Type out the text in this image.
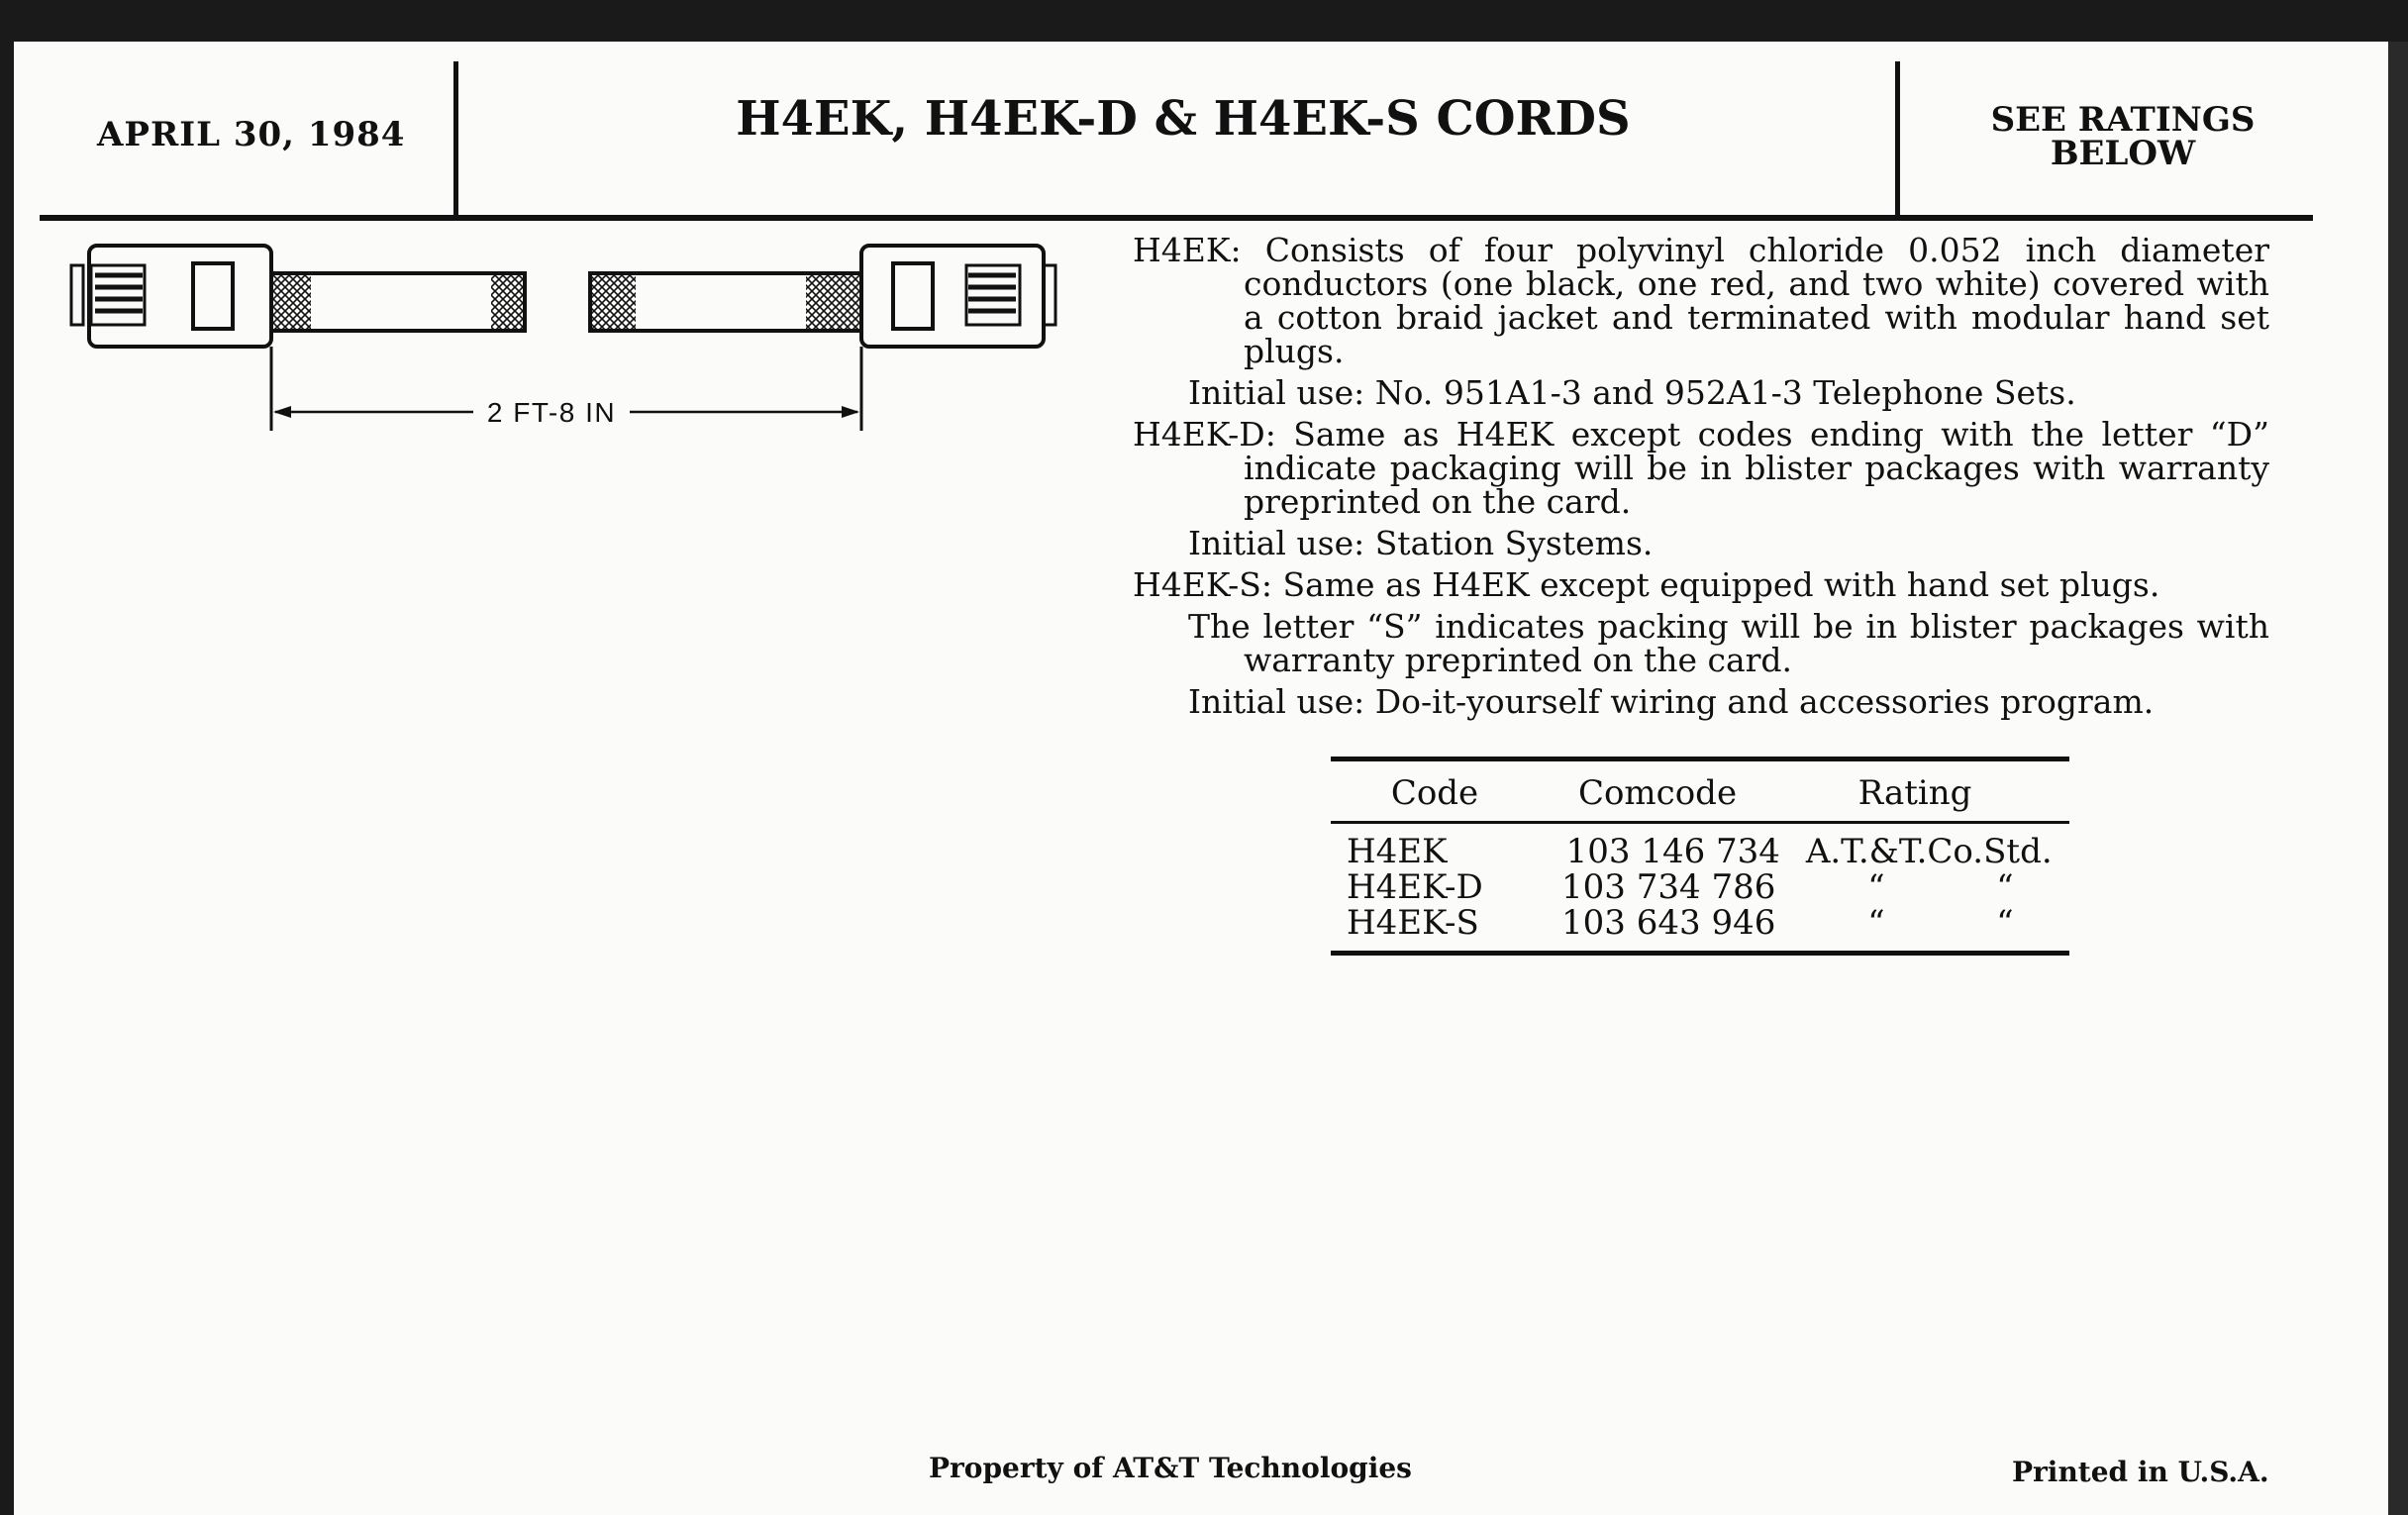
APRIL 30, 1984	H4EK, H4EK-D & H4EK-S CORDS	SEE RATINGS
BELOW
2 FT-8 IN

H4EK: Consists of four polyvinyl chloride 0.052 inch diameter conductors (one black, one red, and two white) covered with a cotton braid jacket and terminated with modular hand set plugs.

Initial use: No. 951A1-3 and 952A1-3 Telephone Sets.

H4EK-D: Same as H4EK except codes ending with the letter “D” indicate packaging will be in blister packages with warranty preprinted on the card.

Initial use: Station Systems.

H4EK-S: Same as H4EK except equipped with hand set plugs.

The letter “S” indicates packing will be in blister packages with warranty preprinted on the card.

Initial use: Do-it-yourself wiring and accessories program.

Code	Comcode	Rating
H4EK	103 146 734 A.T.&T.Co.Std.
H4EK-D	103 734 786	“	“
H4EK-S	103 643 946	“	“
Property of AT&T Technologies	Printed in U.S.A.
